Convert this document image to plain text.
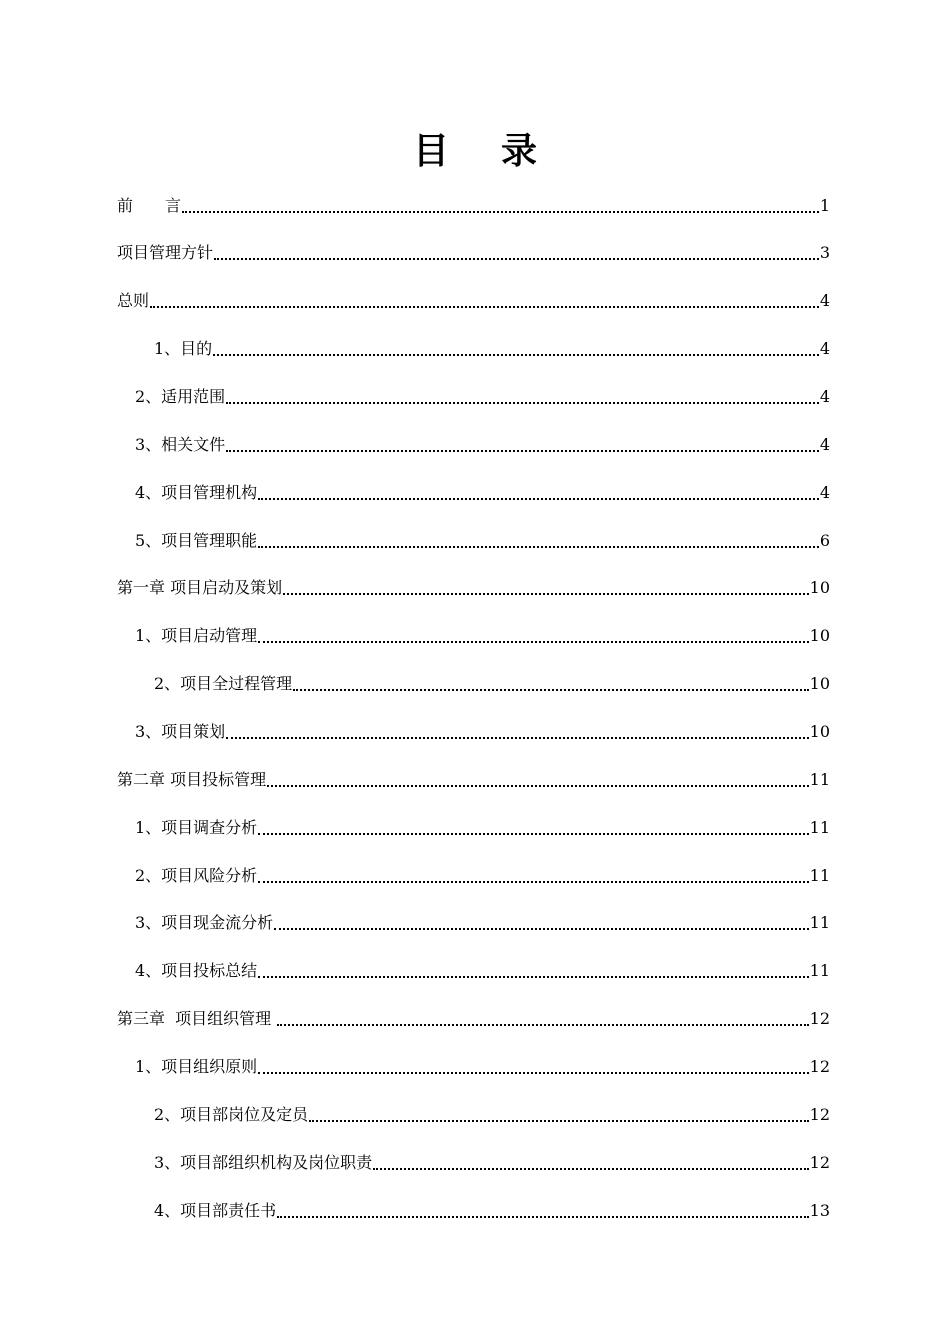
目 录
前　　言	1
项目管理方针	3
总则	4
1、目的	4
2、适用范围	4
3、相关文件	4
4、项目管理机构	4
5、项目管理职能	6
第一章 项目启动及策划	10
1、项目启动管理	10
2、项目全过程管理	10
3、项目策划	10
第二章 项目投标管理	11
1、项目调查分析	11
2、项目风险分析	11
3、项目现金流分析	11
4、项目投标总结	11
第三章  项目组织管理	12
1、项目组织原则	12
2、项目部岗位及定员	12
3、项目部组织机构及岗位职责	12
4、项目部责任书	13
